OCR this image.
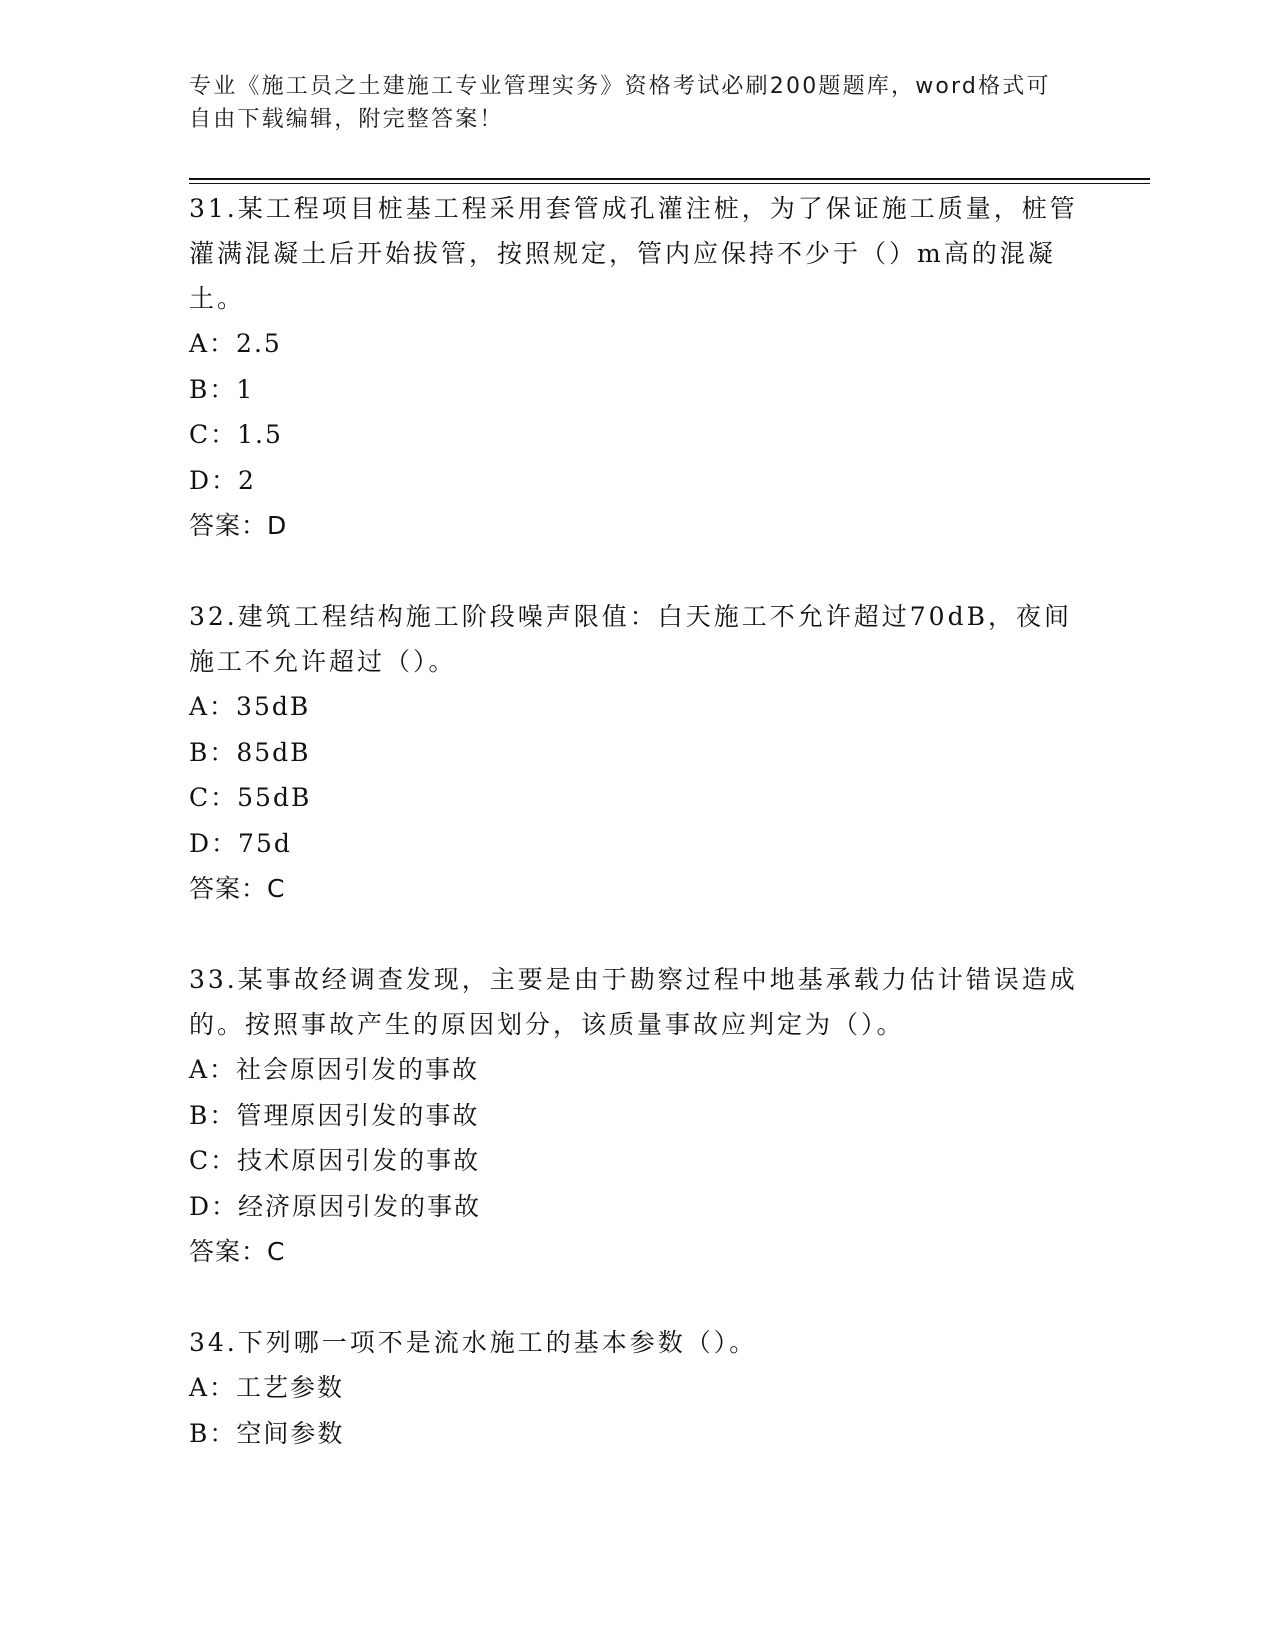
专业《施工员之土建施工专业管理实务》资格考试必刷200题题库，word格式可自由下载编辑，附完整答案！

31.某工程项目桩基工程采用套管成孔灌注桩，为了保证施工质量，桩管灌满混凝土后开始拔管，按照规定，管内应保持不少于（）m高的混凝土。

A：2.5

B：1

C：1.5

D：2

答案：D

32.建筑工程结构施工阶段噪声限值：白天施工不允许超过70dB，夜间施工不允许超过（）。

A：35dB

B：85dB

C：55dB

D：75d

答案：C

33.某事故经调查发现，主要是由于勘察过程中地基承载力估计错误造成的。按照事故产生的原因划分，该质量事故应判定为（）。

A：社会原因引发的事故

B：管理原因引发的事故

C：技术原因引发的事故

D：经济原因引发的事故

答案：C

34.下列哪一项不是流水施工的基本参数（）。

A：工艺参数

B：空间参数
